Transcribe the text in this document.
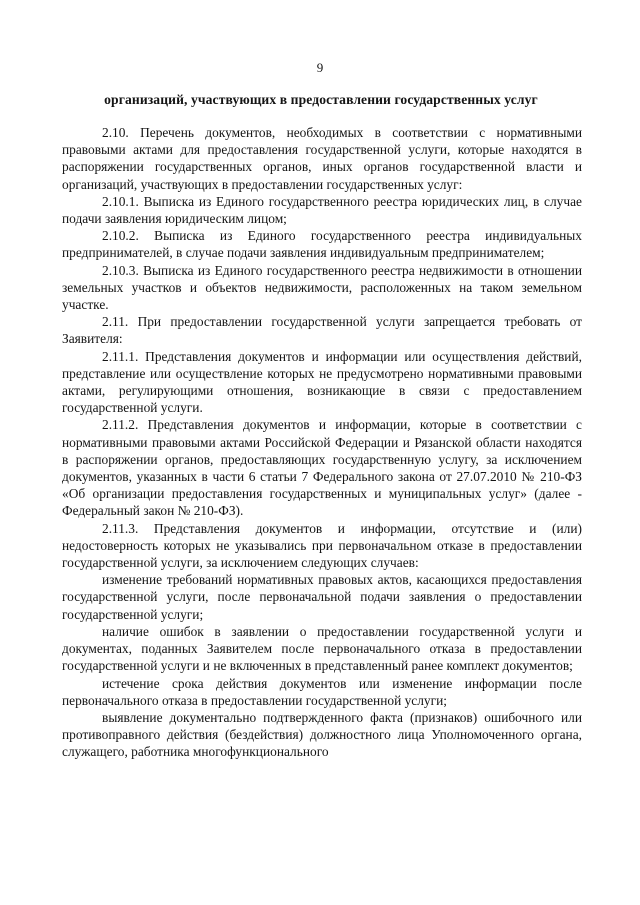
9
организаций, участвующих в предоставлении государственных услуг

2.10. Перечень документов, необходимых в соответствии с нормативными правовыми актами для предоставления государственной услуги, которые находятся в распоряжении государственных органов, иных органов государственной власти и организаций, участвующих в предоставлении государственных услуг:

2.10.1. Выписка из Единого государственного реестра юридических лиц, в случае подачи заявления юридическим лицом;

2.10.2. Выписка из Единого государственного реестра индивидуальных предпринимателей, в случае подачи заявления индивидуальным предпринимателем;

2.10.3. Выписка из Единого государственного реестра недвижимости в отношении земельных участков и объектов недвижимости, расположенных на таком земельном участке.

2.11. При предоставлении государственной услуги запрещается требовать от Заявителя:

2.11.1. Представления документов и информации или осуществления действий, представление или осуществление которых не предусмотрено нормативными правовыми актами, регулирующими отношения, возникающие в связи с предоставлением государственной услуги.

2.11.2. Представления документов и информации, которые в соответствии с нормативными правовыми актами Российской Федерации и Рязанской области находятся в распоряжении органов, предоставляющих государственную услугу, за исключением документов, указанных в части 6 статьи 7 Федерального закона от 27.07.2010 № 210-ФЗ «Об организации предоставления государственных и муниципальных услуг» (далее - Федеральный закон № 210-ФЗ).

2.11.3. Представления документов и информации, отсутствие и (или) недостоверность которых не указывались при первоначальном отказе в предоставлении государственной услуги, за исключением следующих случаев:

изменение требований нормативных правовых актов, касающихся предоставления государственной услуги, после первоначальной подачи заявления о предоставлении государственной услуги;

наличие ошибок в заявлении о предоставлении государственной услуги и документах, поданных Заявителем после первоначального отказа в предоставлении государственной услуги и не включенных в представленный ранее комплект документов;

истечение срока действия документов или изменение информации после первоначального отказа в предоставлении государственной услуги;

выявление документально подтвержденного факта (признаков) ошибочного или противоправного действия (бездействия) должностного лица Уполномоченного органа, служащего, работника многофункционального
